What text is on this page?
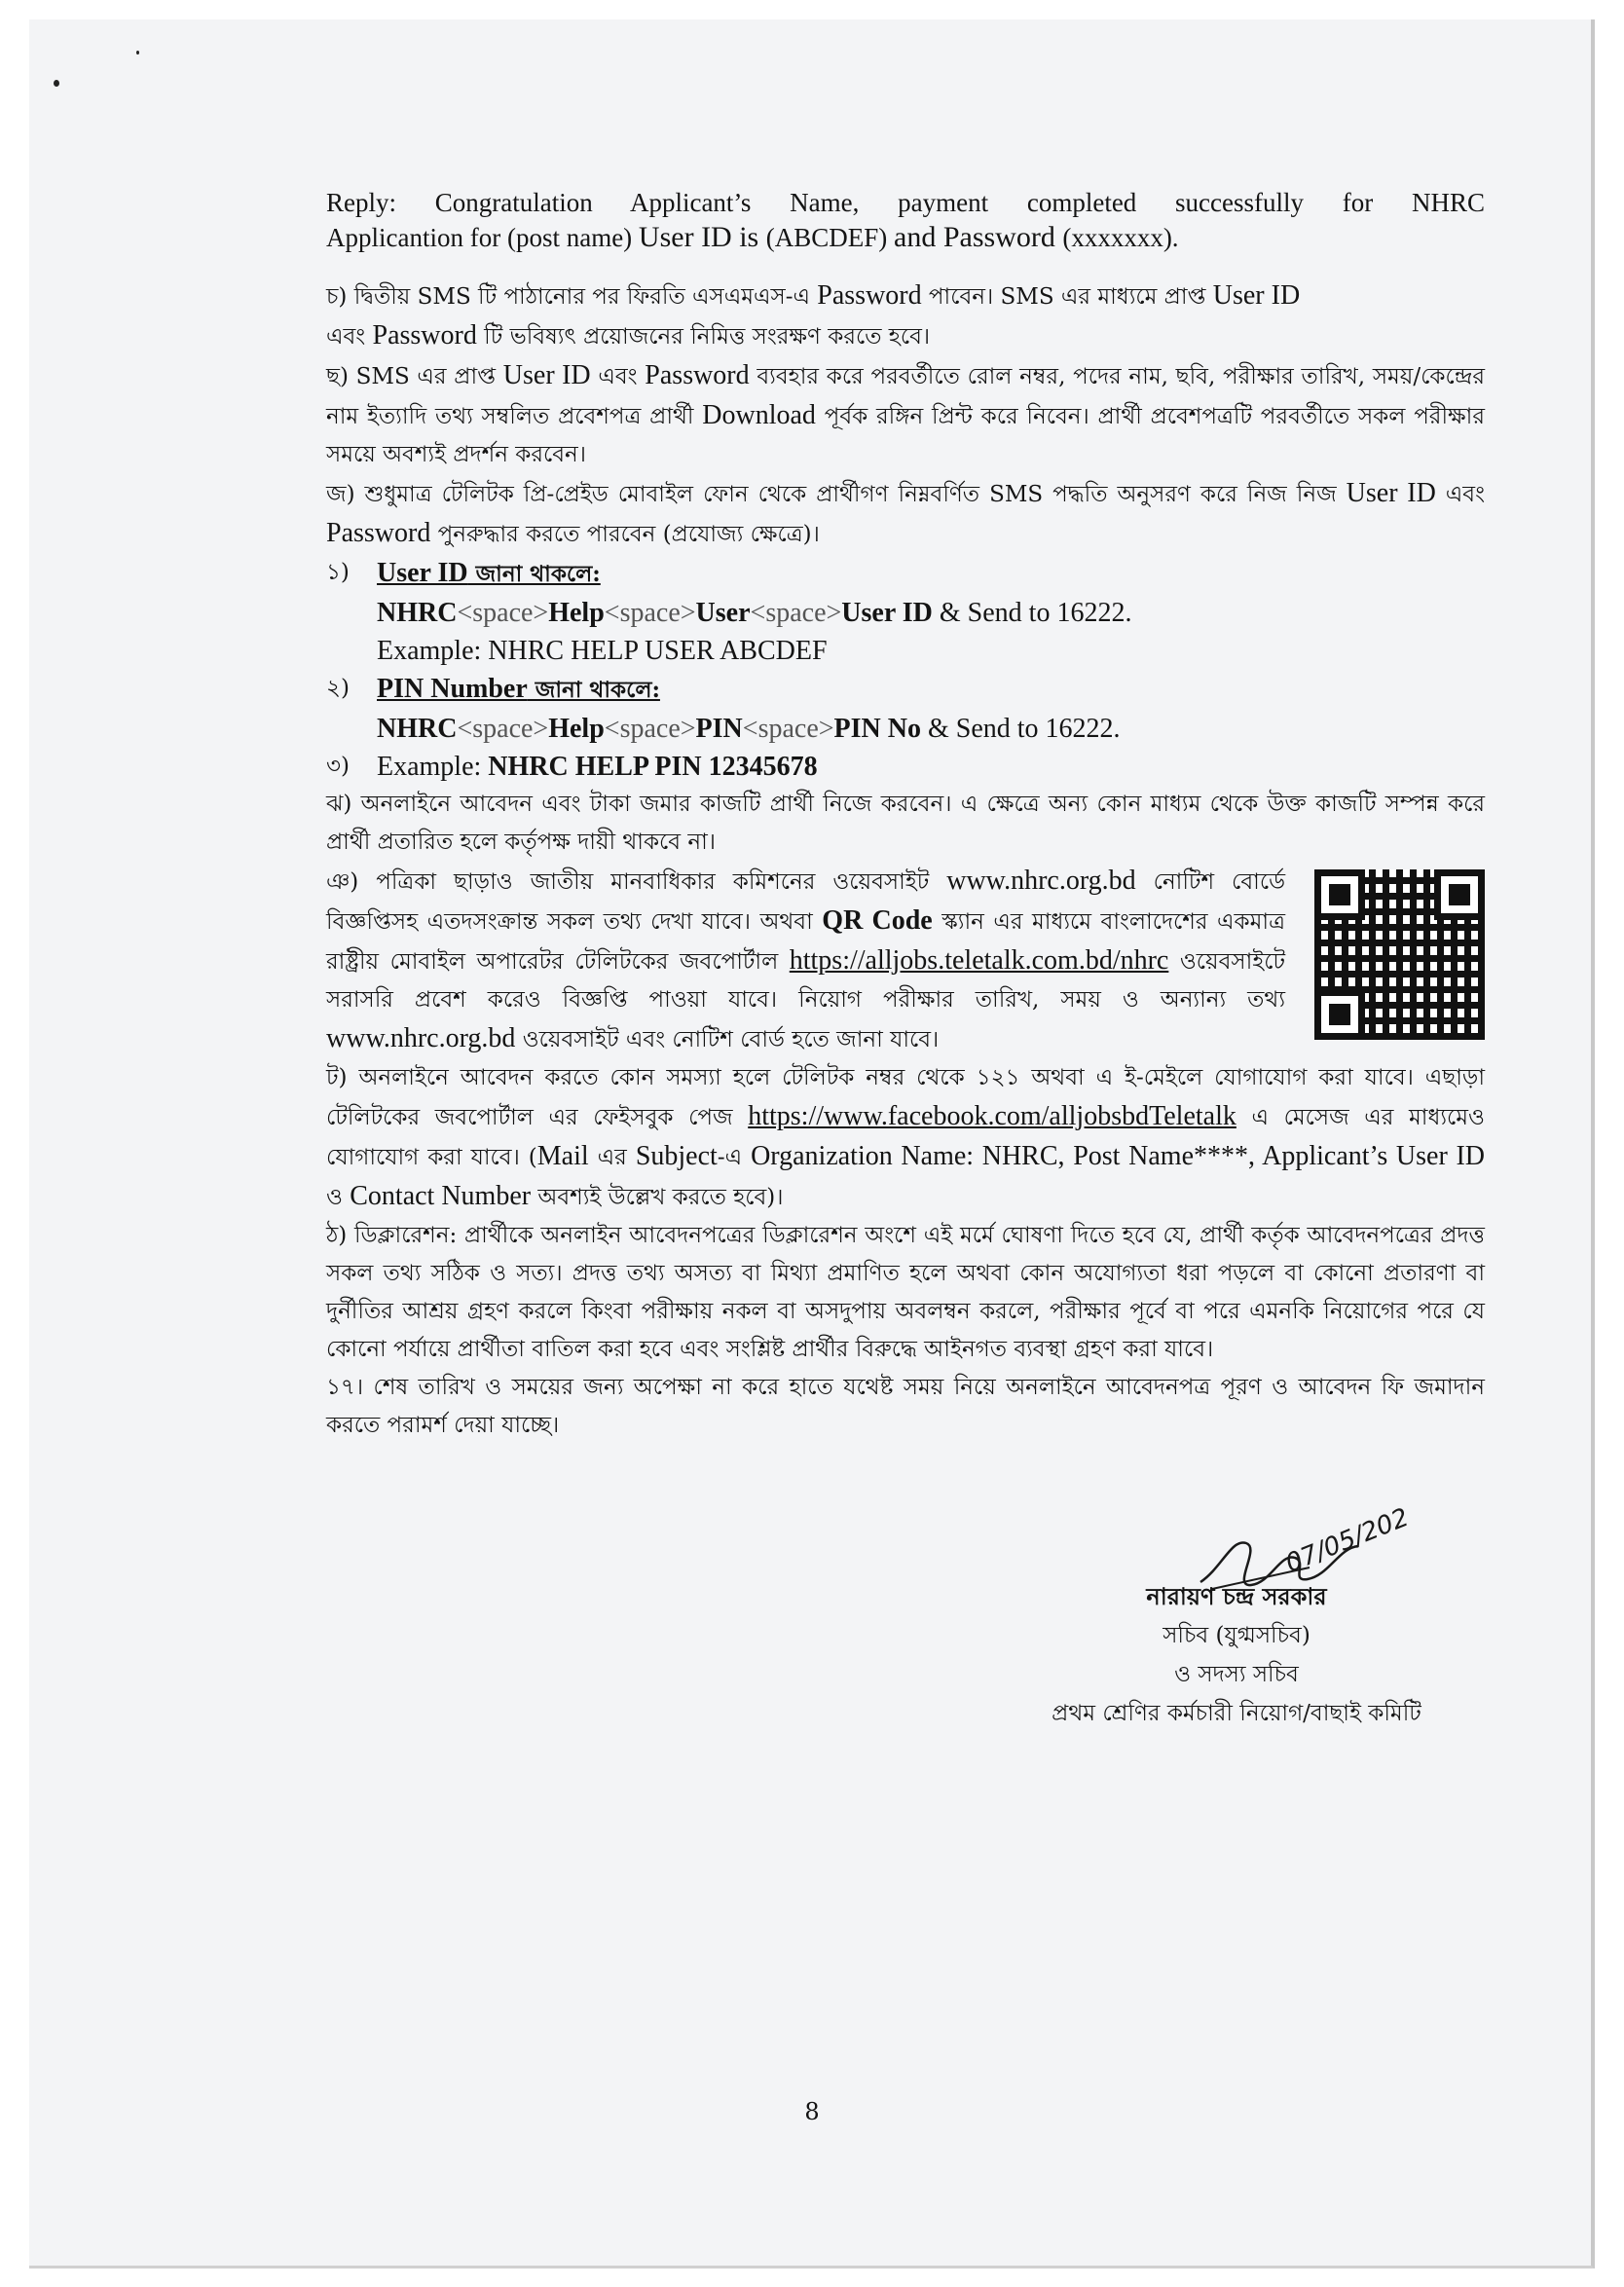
Reply: Congratulation Applicant’s Name, payment completed successfully for NHRC

Applicantion for (post name) User ID is (ABCDEF) and Password (xxxxxxx).

চ) দ্বিতীয় SMS টি পাঠানোর পর ফিরতি এসএমএস-এ Password পাবেন। SMS এর মাধ্যমে প্রাপ্ত User ID
এবং Password টি ভবিষ্যৎ প্রয়োজনের নিমিত্ত সংরক্ষণ করতে হবে।

ছ) SMS এর প্রাপ্ত User ID এবং Password ব্যবহার করে পরবর্তীতে রোল নম্বর, পদের নাম, ছবি, পরীক্ষার তারিখ, সময়/কেন্দ্রের নাম ইত্যাদি তথ্য সম্বলিত প্রবেশপত্র প্রার্থী Download পূর্বক রঙ্গিন প্রিন্ট করে নিবেন। প্রার্থী প্রবেশপত্রটি পরবর্তীতে সকল পরীক্ষার সময়ে অবশ্যই প্রদর্শন করবেন।

জ) শুধুমাত্র টেলিটক প্রি-প্রেইড মোবাইল ফোন থেকে প্রার্থীগণ নিম্নবর্ণিত SMS পদ্ধতি অনুসরণ করে নিজ নিজ User ID এবং Password পুনরুদ্ধার করতে পারবেন (প্রযোজ্য ক্ষেত্রে)।

১)	User ID জানা থাকলে:

NHRC<space>Help<space>User<space>User ID & Send to 16222.

Example: NHRC HELP USER ABCDEF

২)	PIN Number জানা থাকলে:

NHRC<space>Help<space>PIN<space>PIN No & Send to 16222.

৩)	Example: NHRC HELP PIN 12345678

ঝ) অনলাইনে আবেদন এবং টাকা জমার কাজটি প্রার্থী নিজে করবেন। এ ক্ষেত্রে অন্য কোন মাধ্যম থেকে উক্ত কাজটি সম্পন্ন করে প্রার্থী প্রতারিত হলে কর্তৃপক্ষ দায়ী থাকবে না।

ঞ) পত্রিকা ছাড়াও জাতীয় মানবাধিকার কমিশনের ওয়েবসাইট www.nhrc.org.bd নোটিশ বোর্ডে বিজ্ঞপ্তিসহ এতদসংক্রান্ত সকল তথ্য দেখা যাবে। অথবা QR Code স্ক্যান এর মাধ্যমে বাংলাদেশের একমাত্র রাষ্ট্রীয় মোবাইল অপারেটর টেলিটকের জবপোর্টাল https://alljobs.teletalk.com.bd/nhrc ওয়েবসাইটে সরাসরি প্রবেশ করেও বিজ্ঞপ্তি পাওয়া যাবে। নিয়োগ পরীক্ষার তারিখ, সময় ও অন্যান্য তথ্য www.nhrc.org.bd ওয়েবসাইট এবং নোটিশ বোর্ড হতে জানা যাবে।

ট) অনলাইনে আবেদন করতে কোন সমস্যা হলে টেলিটক নম্বর থেকে ১২১ অথবা এ ই-মেইলে যোগাযোগ করা যাবে। এছাড়া টেলিটকের জবপোর্টাল এর ফেইসবুক পেজ https://www.facebook.com/alljobsbdTeletalk এ মেসেজ এর মাধ্যমেও যোগাযোগ করা যাবে। (Mail এর Subject-এ Organization Name: NHRC, Post Name****, Applicant’s User ID ও Contact Number অবশ্যই উল্লেখ করতে হবে)।

ঠ) ডিক্লারেশন: প্রার্থীকে অনলাইন আবেদনপত্রের ডিক্লারেশন অংশে এই মর্মে ঘোষণা দিতে হবে যে, প্রার্থী কর্তৃক আবেদনপত্রের প্রদত্ত সকল তথ্য সঠিক ও সত্য। প্রদত্ত তথ্য অসত্য বা মিথ্যা প্রমাণিত হলে অথবা কোন অযোগ্যতা ধরা পড়লে বা কোনো প্রতারণা বা দুর্নীতির আশ্রয় গ্রহণ করলে কিংবা পরীক্ষায় নকল বা অসদুপায় অবলম্বন করলে, পরীক্ষার পূর্বে বা পরে এমনকি নিয়োগের পরে যে কোনো পর্যায়ে প্রার্থীতা বাতিল করা হবে এবং সংশ্লিষ্ট প্রার্থীর বিরুদ্ধে আইনগত ব্যবস্থা গ্রহণ করা যাবে।

১৭। শেষ তারিখ ও সময়ের জন্য অপেক্ষা না করে হাতে যথেষ্ট সময় নিয়ে অনলাইনে আবেদনপত্র পূরণ ও আবেদন ফি জমাদান করতে পরামর্শ দেয়া যাচ্ছে।

07/05/202

নারায়ণ চন্দ্র সরকার

সচিব (যুগ্মসচিব)

ও সদস্য সচিব

প্রথম শ্রেণির কর্মচারী নিয়োগ/বাছাই কমিটি

8
